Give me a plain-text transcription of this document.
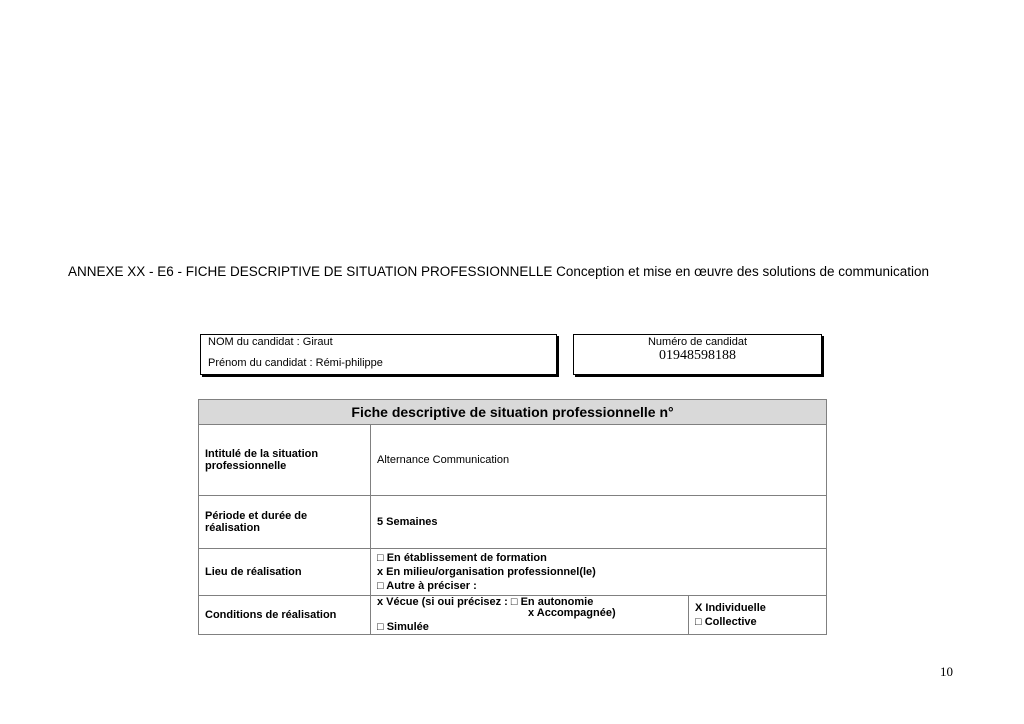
ANNEXE XX - E6 - FICHE DESCRIPTIVE DE SITUATION PROFESSIONNELLE Conception et mise en œuvre des solutions de communication
NOM du candidat : Giraut
Prénom du candidat : Rémi-philippe
Numéro de candidat
01948598188
Fiche descriptive de situation professionnelle n°		
Intitulé de la situation professionnelle	Alternance Communication	
Période et durée de réalisation	5 Semaines	
Lieu de réalisation	□ En établissement de formation
x En milieu/organisation professionnel(le)
□ Autre à préciser :	

Conditions de réalisation	x Vécue (si oui précisez : □ En autonomie
x Accompagnée)
□ Simulée	X Individuelle
□ Collective
10
